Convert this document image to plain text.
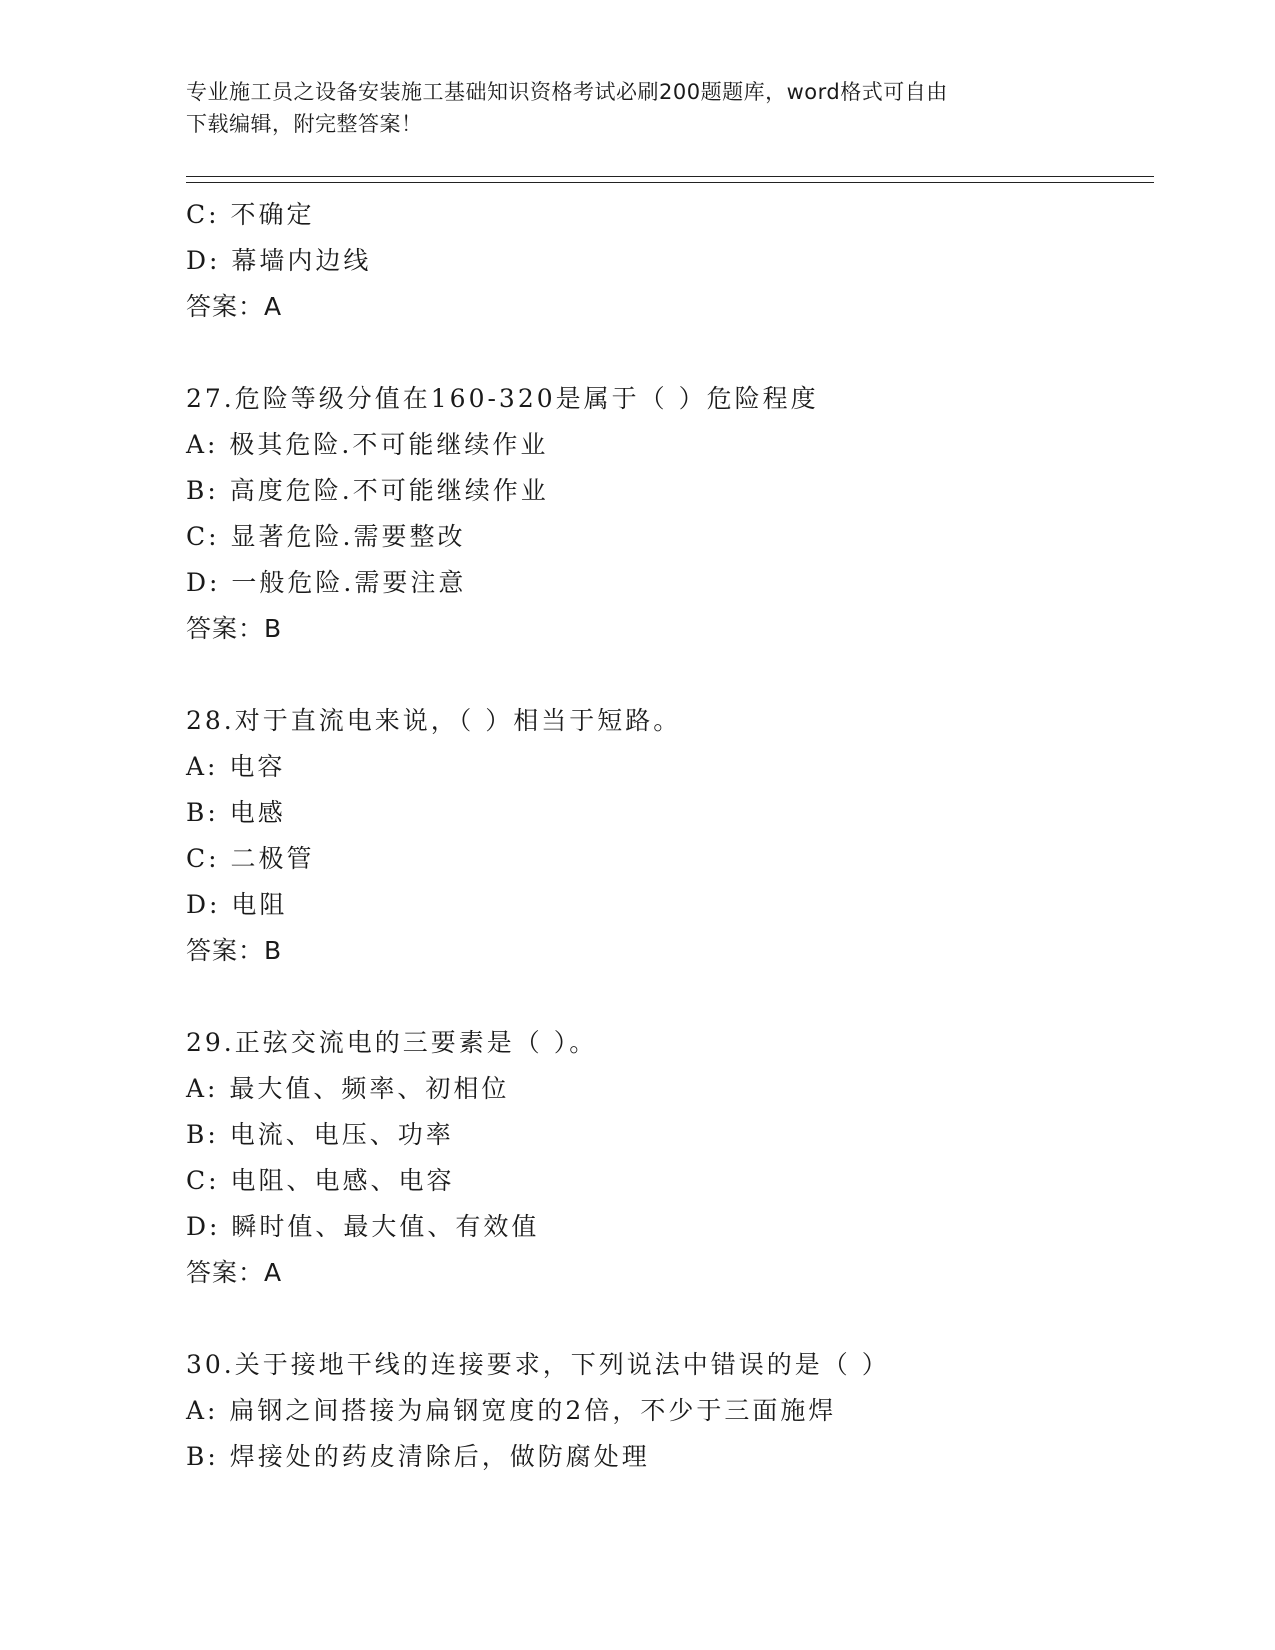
专业施工员之设备安装施工基础知识资格考试必刷200题题库，word格式可自由
下载编辑，附完整答案！
C: 不确定
D: 幕墙内边线
答案：A
27.危险等级分值在160-320是属于（ ）危险程度
A: 极其危险.不可能继续作业
B: 高度危险.不可能继续作业
C: 显著危险.需要整改
D: 一般危险.需要注意
答案：B
28.对于直流电来说，（ ）相当于短路。
A: 电容
B: 电感
C: 二极管
D: 电阻
答案：B
29.正弦交流电的三要素是（ ）。
A: 最大值、频率、初相位
B: 电流、电压、功率
C: 电阻、电感、电容
D: 瞬时值、最大值、有效值
答案：A
30.关于接地干线的连接要求，下列说法中错误的是（ ）
A: 扁钢之间搭接为扁钢宽度的2倍，不少于三面施焊
B: 焊接处的药皮清除后，做防腐处理
